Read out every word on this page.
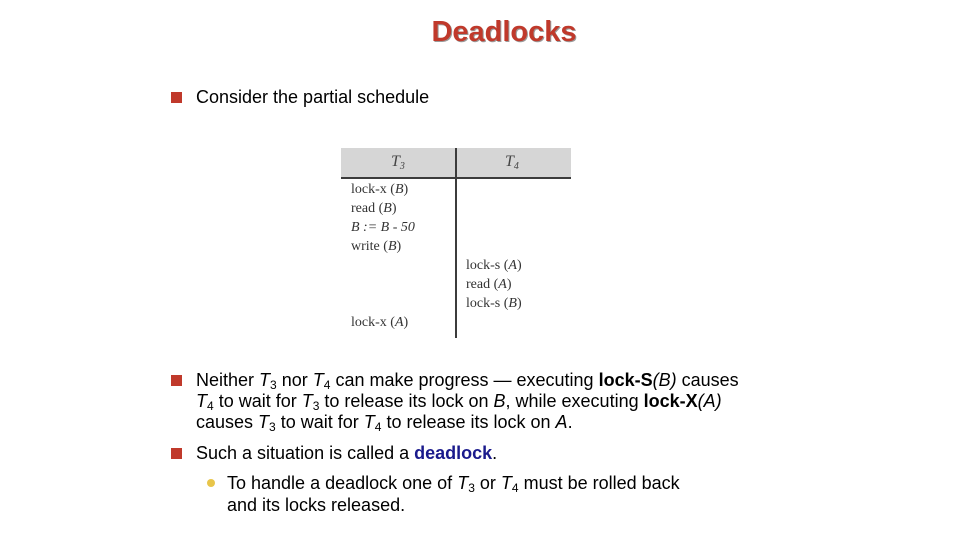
Deadlocks
Consider the partial schedule
T3	T4
lock-x (B)
read (B)
B := B - 50
write (B)
lock-s (A)
read (A)
lock-s (B)
lock-x (A)
Neither $T_3$ nor $T_4$ can make progress — executing lock-S(B) causes
$T_4$ to wait for $T_3$ to release its lock on B, while executing lock-X(A)
causes $T_3$ to wait for $T_4$ to release its lock on A.
Such a situation is called a deadlock.
To handle a deadlock one of $T_3$ or $T_4$ must be rolled back
and its locks released.
